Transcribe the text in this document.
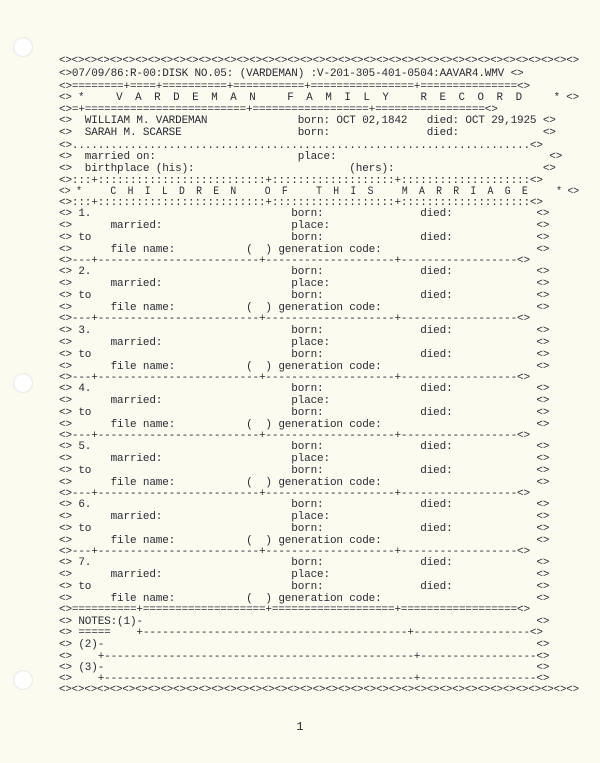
<><><><><><><><><><><><><><><><><><><><><><><><><><><><><><><><><><><><><><><><><>
<>07/09/86:R-00:DISK NO.05: (VARDEMAN) :V-201-305-401-0504:AAVAR4.WMV <>
<>========+====+==========+===========+================+===============<>
<> *     V  A  R  D  E  M  A  N     F  A  M  I  L  Y     R  E  C  O  R  D     * <>
<>=+=========================+==================+=================<>
<>  WILLIAM M. VARDEMAN              born: OCT 02,1842   died: OCT 29,1925 <>
<>  SARAH M. SCARSE                  born:               died:             <>
<>.......................................................................<>
<>  married on:                      place:                                 <>
<>  birthplace (his):                        (hers):                       <>
<>:::+::::::::::::::::::::::::::+:::::::::::::::::::+::::::::::::::::::::<>
<> *     C  H  I  L  D  R  E  N     O  F     T  H  I  S     M  A  R  R  I  A  G  E     * <>
<>:::+::::::::::::::::::::::::::+:::::::::::::::::::+::::::::::::::::::::<>
<> 1.                               born:               died:             <>
<>      married:                    place:                                <>
<> to                               born:               died:             <>
<>      file name:           (  ) generation code:                        <>
<>---+-------------------------+--------------------+------------------<>
<> 2.                               born:               died:             <>
<>      married:                    place:                                <>
<> to                               born:               died:             <>
<>      file name:           (  ) generation code:                        <>
<>---+-------------------------+--------------------+------------------<>
<> 3.                               born:               died:             <>
<>      married:                    place:                                <>
<> to                               born:               died:             <>
<>      file name:           (  ) generation code:                        <>
<>---+-------------------------+--------------------+------------------<>
<> 4.                               born:               died:             <>
<>      married:                    place:                                <>
<> to                               born:               died:             <>
<>      file name:           (  ) generation code:                        <>
<>---+-------------------------+--------------------+------------------<>
<> 5.                               born:               died:             <>
<>      married:                    place:                                <>
<> to                               born:               died:             <>
<>      file name:           (  ) generation code:                        <>
<>---+-------------------------+--------------------+------------------<>
<> 6.                               born:               died:             <>
<>      married:                    place:                                <>
<> to                               born:               died:             <>
<>      file name:           (  ) generation code:                        <>
<>---+-------------------------+--------------------+------------------<>
<> 7.                               born:               died:             <>
<>      married:                    place:                                <>
<> to                               born:               died:             <>
<>      file name:           (  ) generation code:                        <>
<>==========+===================+===================+==================<>
<> NOTES:(1)-                                                             <>
<> =====    +-----------------------------------------+------------------<>
<> (2)-                                                                   <>
<>    +------------------------------------------------+------------------<>
<> (3)-                                                                   <>
<>    +------------------------------------------------+------------------<>
<><><><><><><><><><><><><><><><><><><><><><><><><><><><><><><><><><><><><><><><><>
1
